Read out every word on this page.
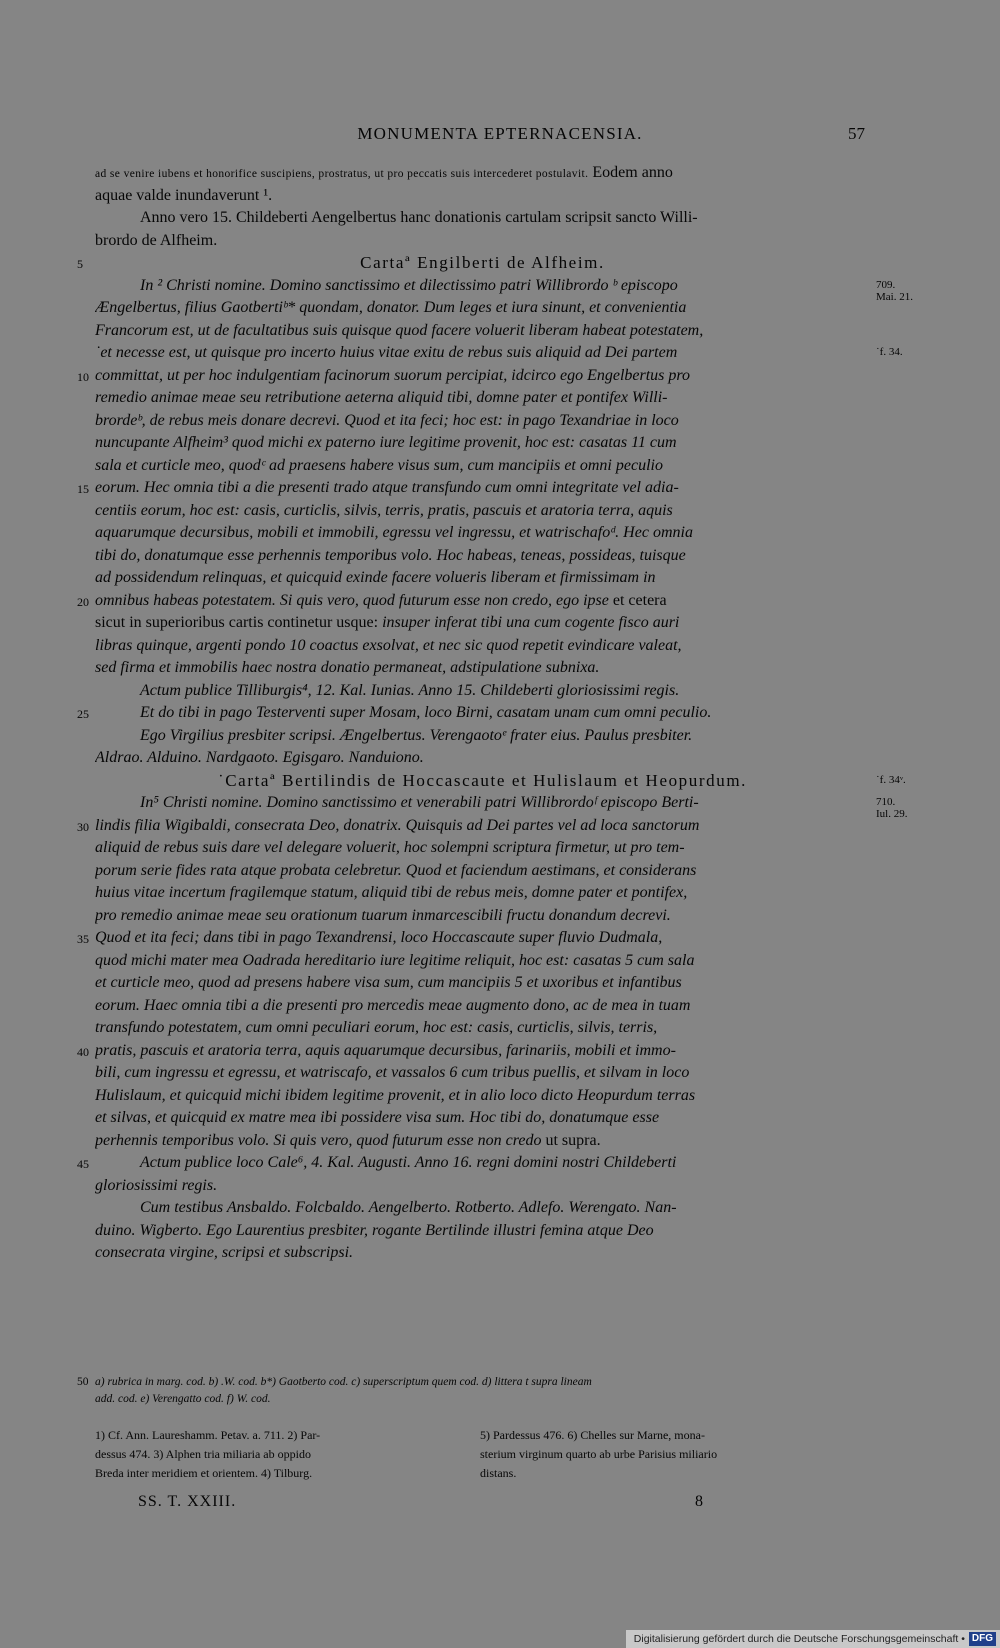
MONUMENTA EPTERNACENSIA.	57
ad se venire iubens et honorifice suscipiens, prostratus, ut pro peccatis suis intercederet postulavit. Eodem anno
aquae valde inundaverunt ¹.
Anno vero 15. Childeberti Aengelbertus hanc donationis cartulam scripsit sancto Willi-
brordo de Alfheim.
Cartaª Engilberti de Alfheim.
In ² Christi nomine. Domino sanctissimo et dilectissimo patri Willibrordo ᵇ episcopo
Ængelbertus, filius Gaotbertiᵇ* quondam, donator. Dum leges et iura sinunt, et convenientia
Francorum est, ut de facultatibus suis quisque quod facere voluerit liberam habeat potestatem,
˙et necesse est, ut quisque pro incerto huius vitae exitu de rebus suis aliquid ad Dei partem
committat, ut per hoc indulgentiam facinorum suorum percipiat, idcirco ego Engelbertus pro
remedio animae meae seu retributione aeterna aliquid tibi, domne pater et pontifex Willi-
brordeᵇ, de rebus meis donare decrevi. Quod et ita feci; hoc est: in pago Texandriae in loco
nuncupante Alfheim³ quod michi ex paterno iure legitime provenit, hoc est: casatas 11 cum
sala et curticle meo, quodᶜ ad praesens habere visus sum, cum mancipiis et omni peculio
eorum. Hec omnia tibi a die presenti trado atque transfundo cum omni integritate vel adia-
centiis eorum, hoc est: casis, curticlis, silvis, terris, pratis, pascuis et aratoria terra, aquis
aquarumque decursibus, mobili et immobili, egressu vel ingressu, et watrischafoᵈ. Hec omnia
tibi do, donatumque esse perhennis temporibus volo. Hoc habeas, teneas, possideas, tuisque
ad possidendum relinquas, et quicquid exinde facere volueris liberam et firmissimam in
omnibus habeas potestatem. Si quis vero, quod futurum esse non credo, ego ipse et cetera
sicut in superioribus cartis continetur usque: insuper inferat tibi una cum cogente fisco auri
libras quinque, argenti pondo 10 coactus exsolvat, et nec sic quod repetit evindicare valeat,
sed firma et immobilis haec nostra donatio permaneat, adstipulatione subnixa.
Actum publice Tilliburgis⁴, 12. Kal. Iunias. Anno 15. Childeberti gloriosissimi regis.
Et do tibi in pago Testerventi super Mosam, loco Birni, casatam unam cum omni peculio.
Ego Virgilius presbiter scripsi. Ængelbertus. Verengaotoᵉ frater eius. Paulus presbiter.
Aldrao. Alduino. Nardgaoto. Egisgaro. Nanduiono.
˙Cartaª Bertilindis de Hoccascaute et Hulislaum et Heopurdum.
In⁵ Christi nomine. Domino sanctissimo et venerabili patri Willibrordoᶠ episcopo Berti-
lindis filia Wigibaldi, consecrata Deo, donatrix. Quisquis ad Dei partes vel ad loca sanctorum
aliquid de rebus suis dare vel delegare voluerit, hoc solempni scriptura firmetur, ut pro tem-
porum serie fides rata atque probata celebretur. Quod et faciendum aestimans, et considerans
huius vitae incertum fragilemque statum, aliquid tibi de rebus meis, domne pater et pontifex,
pro remedio animae meae seu orationum tuarum inmarcescibili fructu donandum decrevi.
Quod et ita feci; dans tibi in pago Texandrensi, loco Hoccascaute super fluvio Dudmala,
quod michi mater mea Oadrada hereditario iure legitime reliquit, hoc est: casatas 5 cum sala
et curticle meo, quod ad presens habere visa sum, cum mancipiis 5 et uxoribus et infantibus
eorum. Haec omnia tibi a die presenti pro mercedis meae augmento dono, ac de mea in tuam
transfundo potestatem, cum omni peculiari eorum, hoc est: casis, curticlis, silvis, terris,
pratis, pascuis et aratoria terra, aquis aquarumque decursibus, farinariis, mobili et immo-
bili, cum ingressu et egressu, et watriscafo, et vassalos 6 cum tribus puellis, et silvam in loco
Hulislaum, et quicquid michi ibidem legitime provenit, et in alio loco dicto Heopurdum terras
et silvas, et quicquid ex matre mea ibi possidere visa sum. Hoc tibi do, donatumque esse
perhennis temporibus volo. Si quis vero, quod futurum esse non credo ut supra.
Actum publice loco Cale⁶, 4. Kal. Augusti. Anno 16. regni domini nostri Childeberti
gloriosissimi regis.
Cum testibus Ansbaldo. Folcbaldo. Aengelberto. Rotberto. Adlefo. Werengato. Nan-
duino. Wigberto. Ego Laurentius presbiter, rogante Bertilinde illustri femina atque Deo
consecrata virgine, scripsi et subscripsi.
50 a) rubrica in marg. cod. b) .W. cod. b*) Gaotberto cod. c) superscriptum quem cod. d) littera t supra lineam
add. cod. e) Verengatto cod. f) W. cod.
1) Cf. Ann. Laureshamm. Petav. a. 711. 2) Par-
dessus 474. 3) Alphen tria miliaria ab oppido
Breda inter meridiem et orientem. 4) Tilburg.
5) Pardessus 476. 6) Chelles sur Marne, mona-
sterium virginum quarto ab urbe Parisius miliario
distans.
SS. T. XXIII.	8
Digitalisierung gefördert durch die Deutsche Forschungsgemeinschaft • DFG
5
709.
Mai. 21.
˙f. 34.
10
15
20
25
˙f. 34ᵛ.
710.
Iul. 29.
30
35
40
45
